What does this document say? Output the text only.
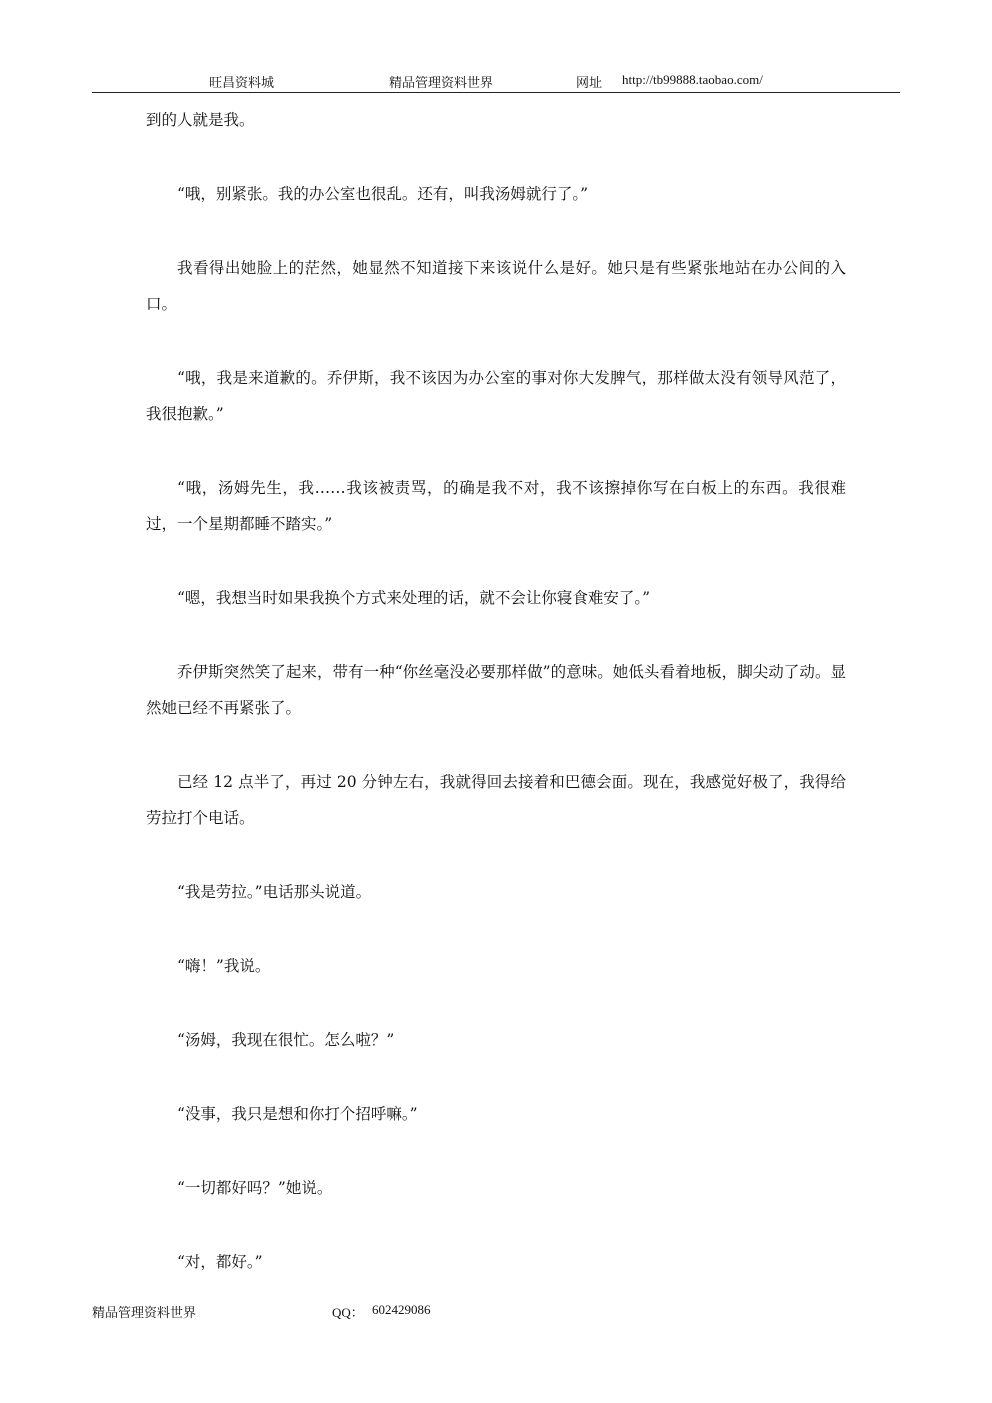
旺昌资料城	精品管理资料世界	网址 http://tb99888.taobao.com/

到的人就是我。

“哦，别紧张。我的办公室也很乱。还有，叫我汤姆就行了。”

我看得出她脸上的茫然，她显然不知道接下来该说什么是好。她只是有些紧张地站在办公间的入口。

“哦，我是来道歉的。乔伊斯，我不该因为办公室的事对你大发脾气，那样做太没有领导风范了，我很抱歉。”

“哦，汤姆先生，我……我该被责骂，的确是我不对，我不该擦掉你写在白板上的东西。我很难过，一个星期都睡不踏实。”

“嗯，我想当时如果我换个方式来处理的话，就不会让你寝食难安了。”

乔伊斯突然笑了起来，带有一种“你丝毫没必要那样做”的意味。她低头看着地板，脚尖动了动。显然她已经不再紧张了。

已经 12 点半了，再过 20 分钟左右，我就得回去接着和巴德会面。现在，我感觉好极了，我得给劳拉打个电话。

“我是劳拉。”电话那头说道。

“嗨！”我说。

“汤姆，我现在很忙。怎么啦？”

“没事，我只是想和你打个招呼嘛。”

“一切都好吗？”她说。

“对，都好。”

精品管理资料世界	QQ： 602429086
